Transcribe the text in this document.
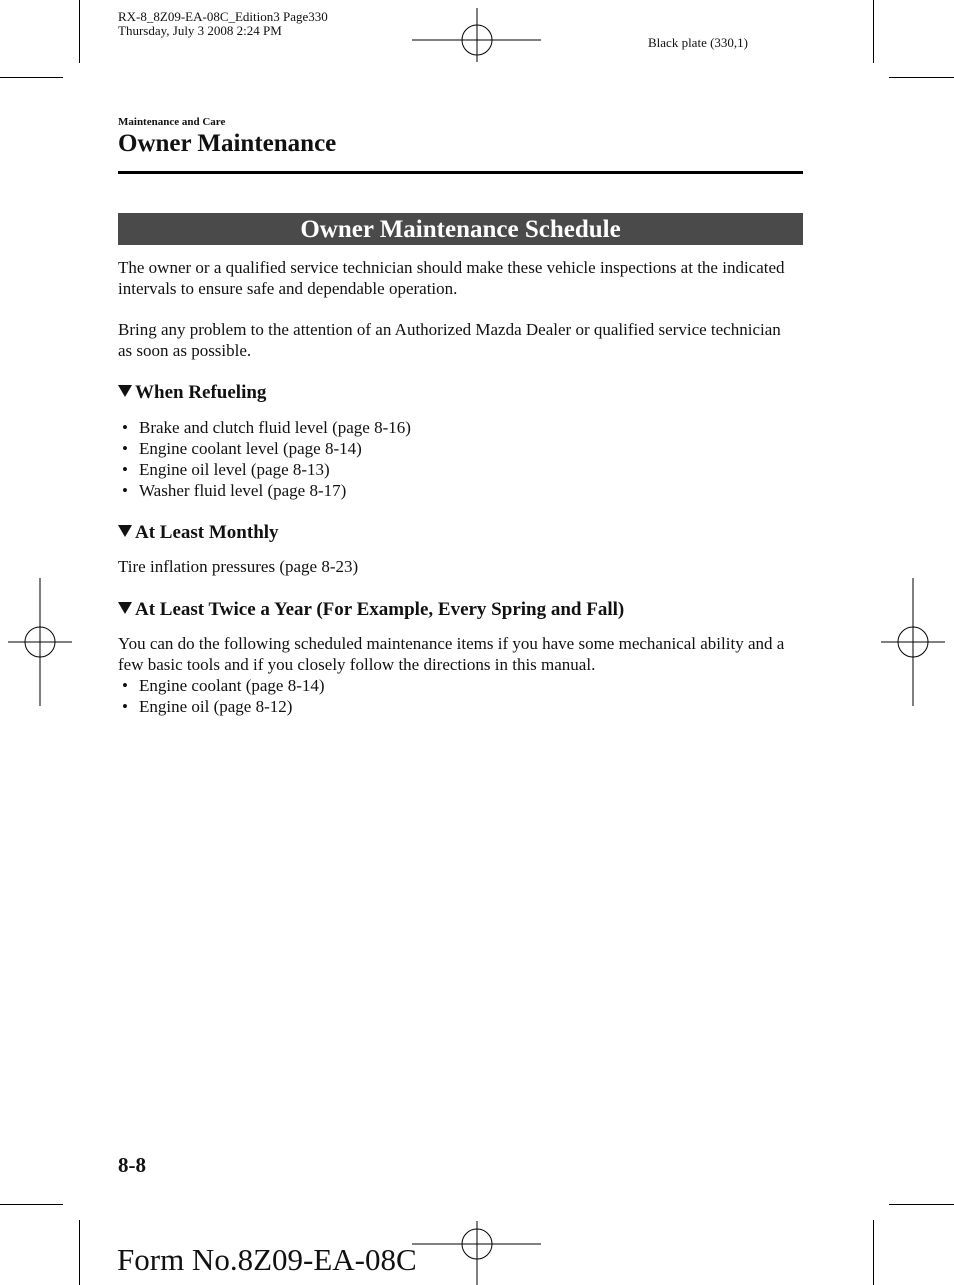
RX-8_8Z09-EA-08C_Edition3 Page330
Thursday, July 3 2008 2:24 PM
Black plate (330,1)
Maintenance and Care
Owner Maintenance
Owner Maintenance Schedule
The owner or a qualified service technician should make these vehicle inspections at the indicated intervals to ensure safe and dependable operation.
Bring any problem to the attention of an Authorized Mazda Dealer or qualified service technician as soon as possible.
When Refueling
• Brake and clutch fluid level (page 8-16)
• Engine coolant level (page 8-14)
• Engine oil level (page 8-13)
• Washer fluid level (page 8-17)
At Least Monthly
Tire inflation pressures (page 8-23)
At Least Twice a Year (For Example, Every Spring and Fall)
You can do the following scheduled maintenance items if you have some mechanical ability and a few basic tools and if you closely follow the directions in this manual.
• Engine coolant (page 8-14)
• Engine oil (page 8-12)
8-8
Form No.8Z09-EA-08C
